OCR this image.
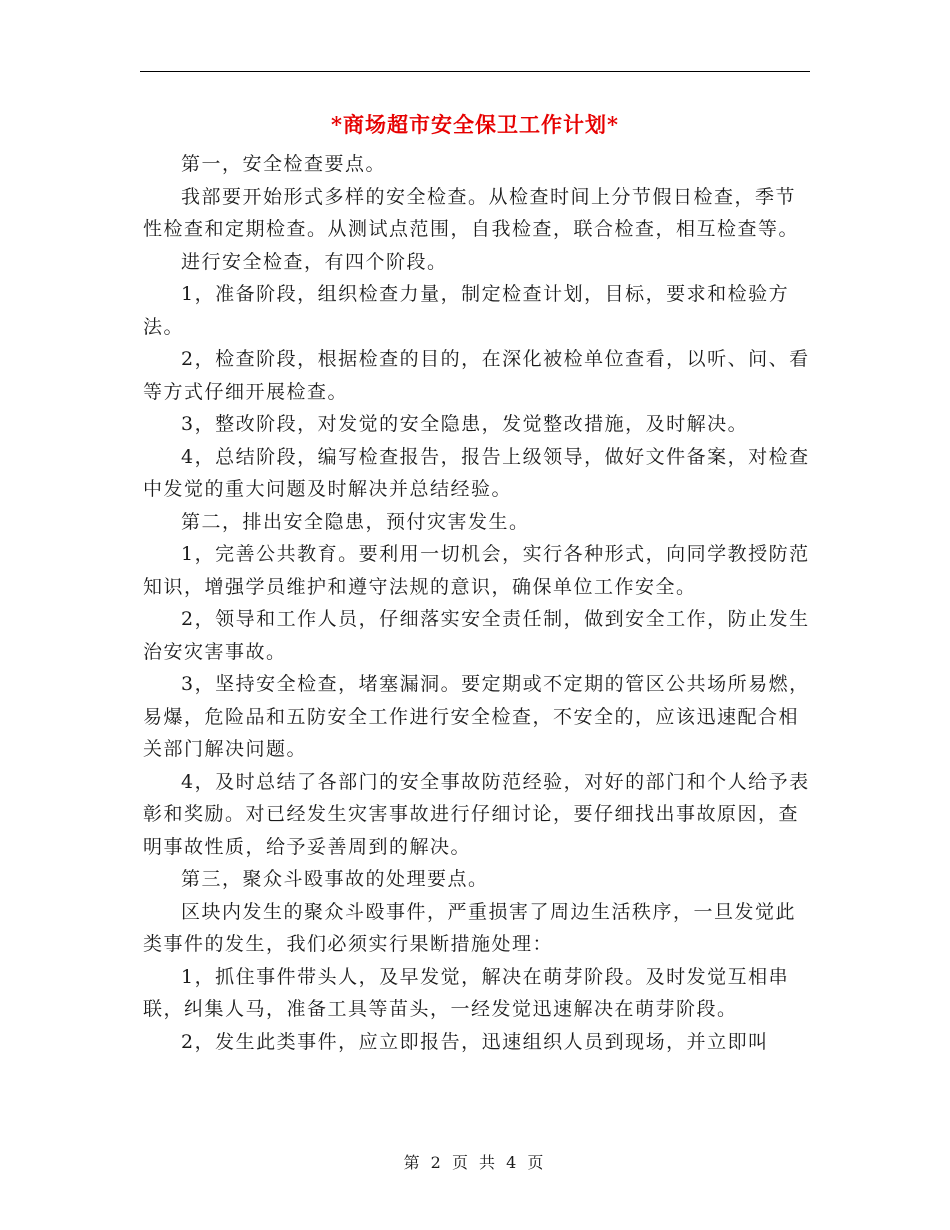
*商场超市安全保卫工作计划*

第一，安全检查要点。

我部要开始形式多样的安全检查。从检查时间上分节假日检查，季节性检查和定期检查。从测试点范围，自我检查，联合检查，相互检查等。

进行安全检查，有四个阶段。

1，准备阶段，组织检查力量，制定检查计划，目标，要求和检验方法。

2，检查阶段，根据检查的目的，在深化被检单位查看，以听、问、看等方式仔细开展检查。

3，整改阶段，对发觉的安全隐患，发觉整改措施，及时解决。

4，总结阶段，编写检查报告，报告上级领导，做好文件备案，对检查中发觉的重大问题及时解决并总结经验。

第二，排出安全隐患，预付灾害发生。

1，完善公共教育。要利用一切机会，实行各种形式，向同学教授防范知识，增强学员维护和遵守法规的意识，确保单位工作安全。

2，领导和工作人员，仔细落实安全责任制，做到安全工作，防止发生治安灾害事故。

3，坚持安全检查，堵塞漏洞。要定期或不定期的管区公共场所易燃，易爆，危险品和五防安全工作进行安全检查，不安全的，应该迅速配合相关部门解决问题。

4，及时总结了各部门的安全事故防范经验，对好的部门和个人给予表彰和奖励。对已经发生灾害事故进行仔细讨论，要仔细找出事故原因，查明事故性质，给予妥善周到的解决。

第三，聚众斗殴事故的处理要点。

区块内发生的聚众斗殴事件，严重损害了周边生活秩序，一旦发觉此类事件的发生，我们必须实行果断措施处理：

1，抓住事件带头人，及早发觉，解决在萌芽阶段。及时发觉互相串联，纠集人马，准备工具等苗头，一经发觉迅速解决在萌芽阶段。

2，发生此类事件，应立即报告，迅速组织人员到现场，并立即叫

第 2 页 共 4 页
